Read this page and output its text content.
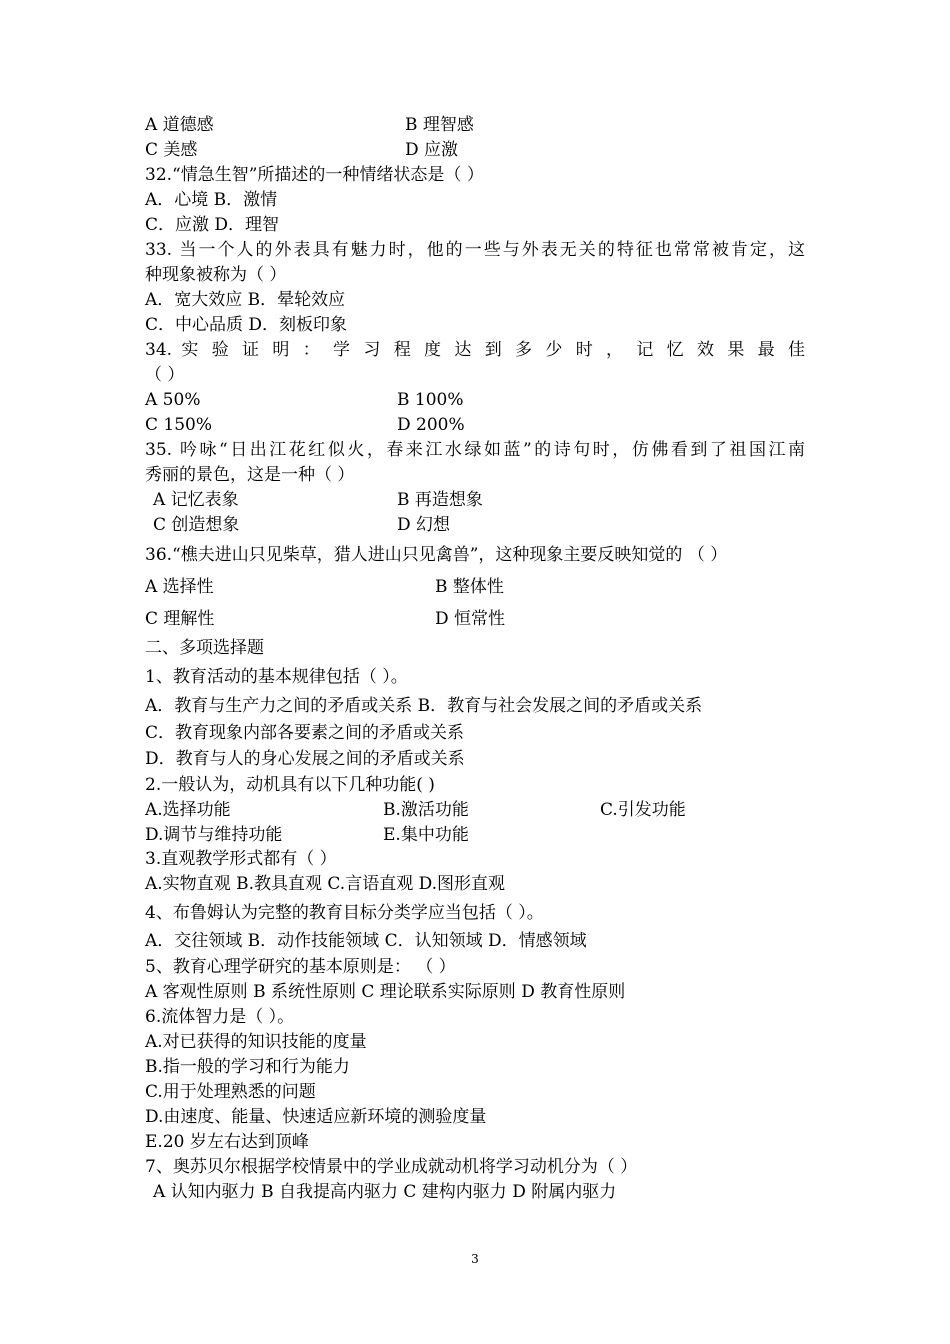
A 道德感	B 理智感
C 美感	D 应激
32.“情急生智”所描述的一种情绪状态是（ ）
A．心境 B．激情
C．应激 D．理智
33. 当一个人的外表具有魅力时，他的一些与外表无关的特征也常常被肯定，这
种现象被称为（ ）
A．宽大效应 B．晕轮效应
C．中心品质 D．刻板印象
34. 实 验 证 明 ： 学 习 程 度 达 到 多 少 时 ， 记 忆 效 果 最 佳
（ ）
A 50%	B 100%
C 150%	D 200%
35. 吟咏“日出江花红似火，春来江水绿如蓝”的诗句时，仿佛看到了祖国江南
秀丽的景色，这是一种（ ）
A 记忆表象	B 再造想象
C 创造想象	D 幻想
36.“樵夫进山只见柴草，猎人进山只见禽兽”，这种现象主要反映知觉的 （ ）
A 选择性	B 整体性
C 理解性	D 恒常性
二、多项选择题
1、教育活动的基本规律包括（ ）。
A．教育与生产力之间的矛盾或关系 B．教育与社会发展之间的矛盾或关系
C．教育现象内部各要素之间的矛盾或关系
D．教育与人的身心发展之间的矛盾或关系
2.一般认为，动机具有以下几种功能( )
A.选择功能	B.激活功能	C.引发功能
D.调节与维持功能	E.集中功能
3.直观教学形式都有（ ）
A.实物直观 B.教具直观 C.言语直观 D.图形直观
4、布鲁姆认为完整的教育目标分类学应当包括（ ）。
A．交往领域 B．动作技能领域 C．认知领域 D．情感领域
5、教育心理学研究的基本原则是： （ ）
A 客观性原则 B 系统性原则 C 理论联系实际原则 D 教育性原则
6.流体智力是（ ）。
A.对已获得的知识技能的度量
B.指一般的学习和行为能力
C.用于处理熟悉的问题
D.由速度、能量、快速适应新环境的测验度量
E.20 岁左右达到顶峰
7、奥苏贝尔根据学校情景中的学业成就动机将学习动机分为（ ）
A 认知内驱力 B 自我提高内驱力 C 建构内驱力 D 附属内驱力
3
